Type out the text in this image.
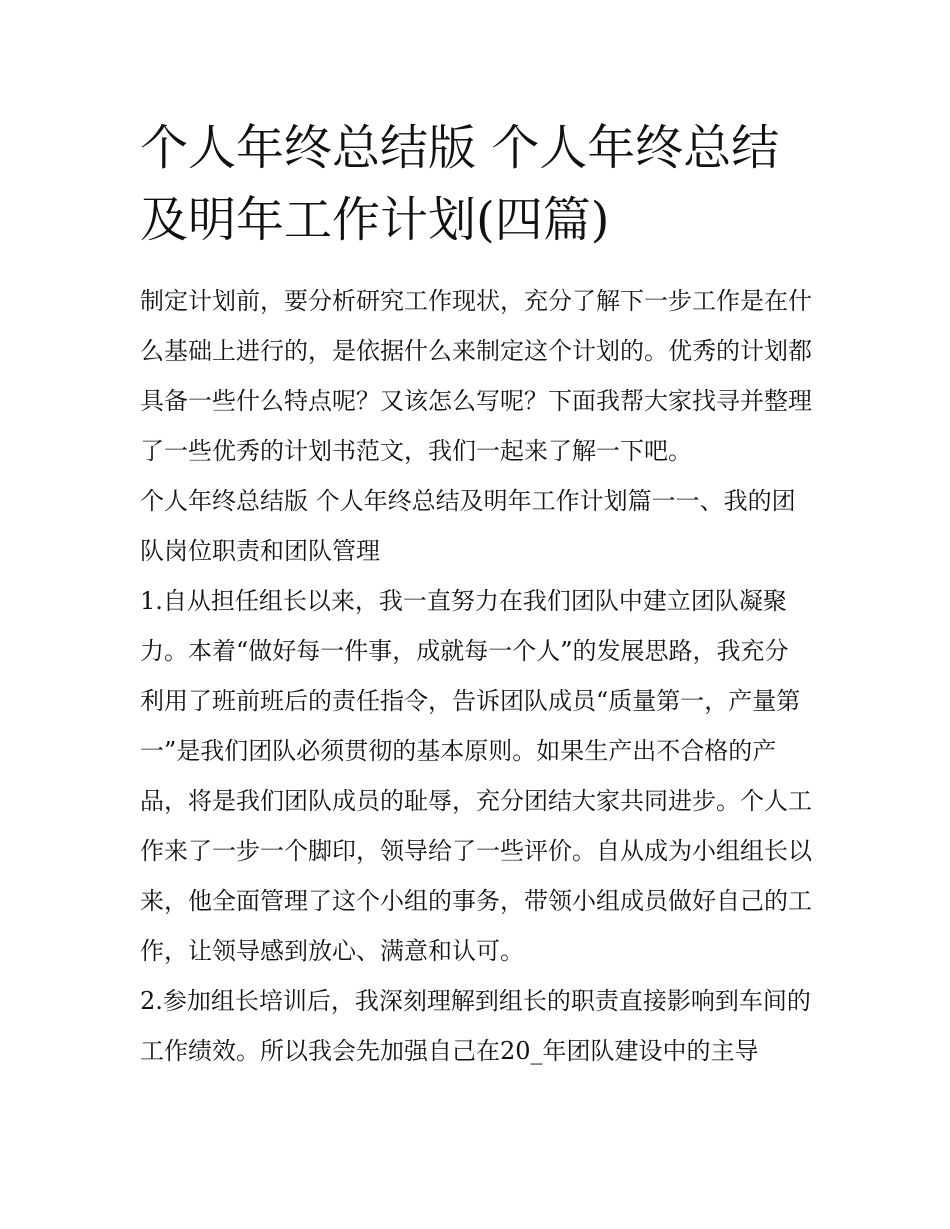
个人年终总结版 个人年终总结及明年工作计划(四篇)

制定计划前，要分析研究工作现状，充分了解下一步工作是在什么基础上进行的，是依据什么来制定这个计划的。优秀的计划都具备一些什么特点呢？又该怎么写呢？下面我帮大家找寻并整理了一些优秀的计划书范文，我们一起来了解一下吧。

个人年终总结版 个人年终总结及明年工作计划篇一一、我的团队岗位职责和团队管理

1.自从担任组长以来，我一直努力在我们团队中建立团队凝聚力。本着“做好每一件事，成就每一个人”的发展思路，我充分利用了班前班后的责任指令，告诉团队成员“质量第一，产量第一”是我们团队必须贯彻的基本原则。如果生产出不合格的产品，将是我们团队成员的耻辱，充分团结大家共同进步。个人工作来了一步一个脚印，领导给了一些评价。自从成为小组组长以来，他全面管理了这个小组的事务，带领小组成员做好自己的工作，让领导感到放心、满意和认可。

2.参加组长培训后，我深刻理解到组长的职责直接影响到车间的工作绩效。所以我会先加强自己在20_年团队建设中的主导
